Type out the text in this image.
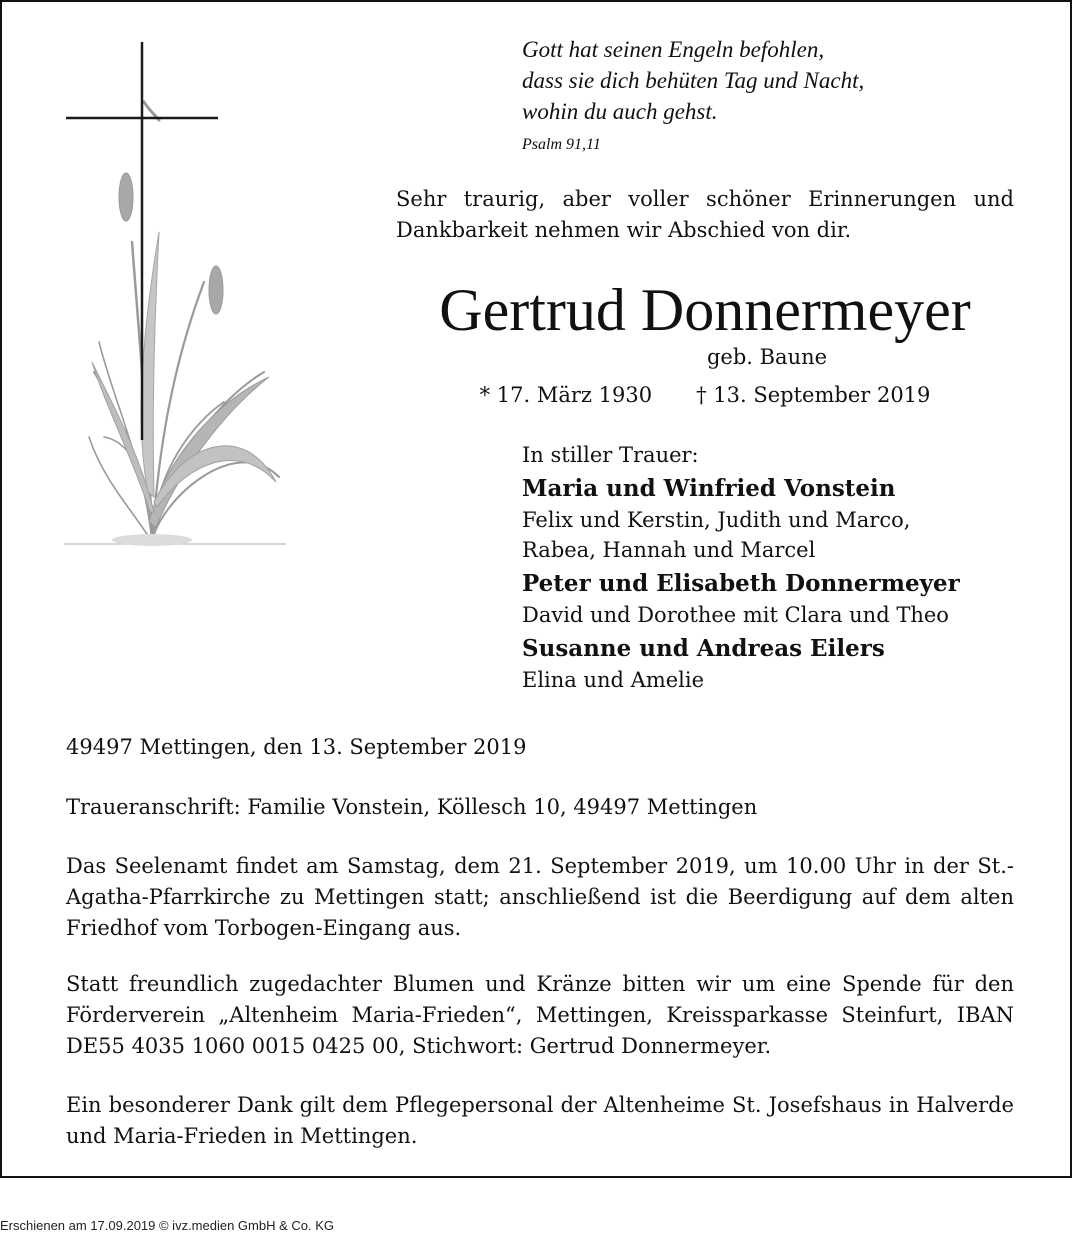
Gott hat seinen Engeln befohlen,
dass sie dich behüten Tag und Nacht,
wohin du auch gehst.
Psalm 91,11
Sehr traurig, aber voller schöner Erinnerungen und Dankbarkeit nehmen wir Abschied von dir.
Gertrud Donnermeyer
geb. Baune
* 17. März 1930 † 13. September 2019
In stiller Trauer:
Maria und Winfried Vonstein
Felix und Kerstin, Judith und Marco,
Rabea, Hannah und Marcel
Peter und Elisabeth Donnermeyer
David und Dorothee mit Clara und Theo
Susanne und Andreas Eilers
Elina und Amelie
49497 Mettingen, den 13. September 2019
Traueranschrift: Familie Vonstein, Köllesch 10, 49497 Mettingen
Das Seelenamt findet am Samstag, dem 21. September 2019, um 10.00 Uhr in der St.-Agatha-Pfarrkirche zu Mettingen statt; anschließend ist die Beerdigung auf dem alten Friedhof vom Torbogen-Eingang aus.
Statt freundlich zugedachter Blumen und Kränze bitten wir um eine Spende für den Förderverein „Altenheim Maria-Frieden“, Mettingen, Kreissparkasse Steinfurt, IBAN DE55 4035 1060 0015 0425 00, Stichwort: Gertrud Donnermeyer.
Ein besonderer Dank gilt dem Pflegepersonal der Altenheime St. Josefshaus in Halverde und Maria-Frieden in Mettingen.
Erschienen am 17.09.2019 © ivz.medien GmbH & Co. KG
